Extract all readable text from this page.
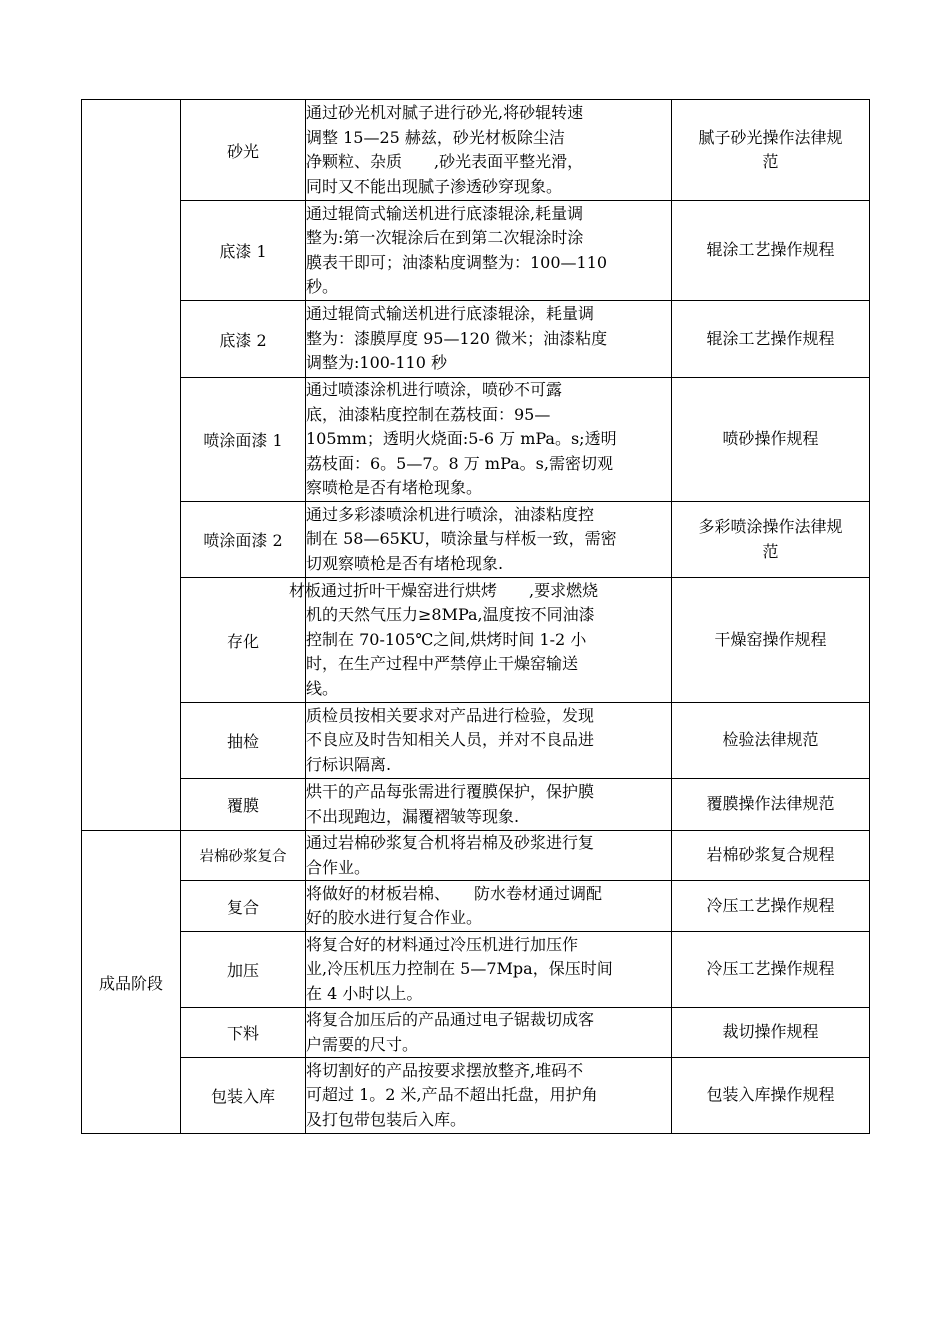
	砂光	通过砂光机对腻子进行砂光,将砂辊转速
调整 15—25 赫兹，砂光材板除尘洁
净颗粒、杂质　　,砂光表面平整光滑，
同时又不能出现腻子渗透砂穿现象。	腻子砂光操作法律规
范

	底漆 1	通过辊筒式输送机进行底漆辊涂,耗量调
整为:第一次辊涂后在到第二次辊涂时涂
膜表干即可；油漆粘度调整为：100—110
秒。	辊涂工艺操作规程

	底漆 2	通过辊筒式输送机进行底漆辊涂，耗量调
整为：漆膜厚度 95—120 微米；油漆粘度
调整为:100-110 秒	辊涂工艺操作规程

	喷涂面漆 1	通过喷漆涂机进行喷涂，喷砂不可露
底，油漆粘度控制在荔枝面：95—
105mm；透明火烧面:5-6 万 mPa。s;透明
荔枝面：6。5—7。8 万 mPa。s,需密切观
察喷枪是否有堵枪现象。	喷砂操作规程

	喷涂面漆 2	通过多彩漆喷涂机进行喷涂，油漆粘度控
制在 58—65KU，喷涂量与样板一致，需密
切观察喷枪是否有堵枪现象.	多彩喷涂操作法律规
范

	存化	材板通过折叶干燥窑进行烘烤　　,要求燃烧
机的天然气压力≥8MPa,温度按不同油漆
控制在 70-105℃之间,烘烤时间 1-2 小
时，在生产过程中严禁停止干燥窑输送
线。	干燥窑操作规程

	抽检	质检员按相关要求对产品进行检验，发现
不良应及时告知相关人员，并对不良品进
行标识隔离.	检验法律规范

	覆膜	烘干的产品每张需进行覆膜保护，保护膜
不出现跑边，漏覆褶皱等现象.	覆膜操作法律规范

成品阶段	岩棉砂浆复合	通过岩棉砂浆复合机将岩棉及砂浆进行复
合作业。	岩棉砂浆复合规程

	复合	将做好的材板岩棉、　　防水卷材通过调配
好的胶水进行复合作业。	冷压工艺操作规程

	加压	将复合好的材料通过冷压机进行加压作
业,冷压机压力控制在 5—7Mpa，保压时间
在 4 小时以上。	冷压工艺操作规程

	下料	将复合加压后的产品通过电子锯裁切成客
户需要的尺寸。	裁切操作规程

	包装入库	将切割好的产品按要求摆放整齐,堆码不
可超过 1。2 米,产品不超出托盘，用护角
及打包带包装后入库。	包装入库操作规程
